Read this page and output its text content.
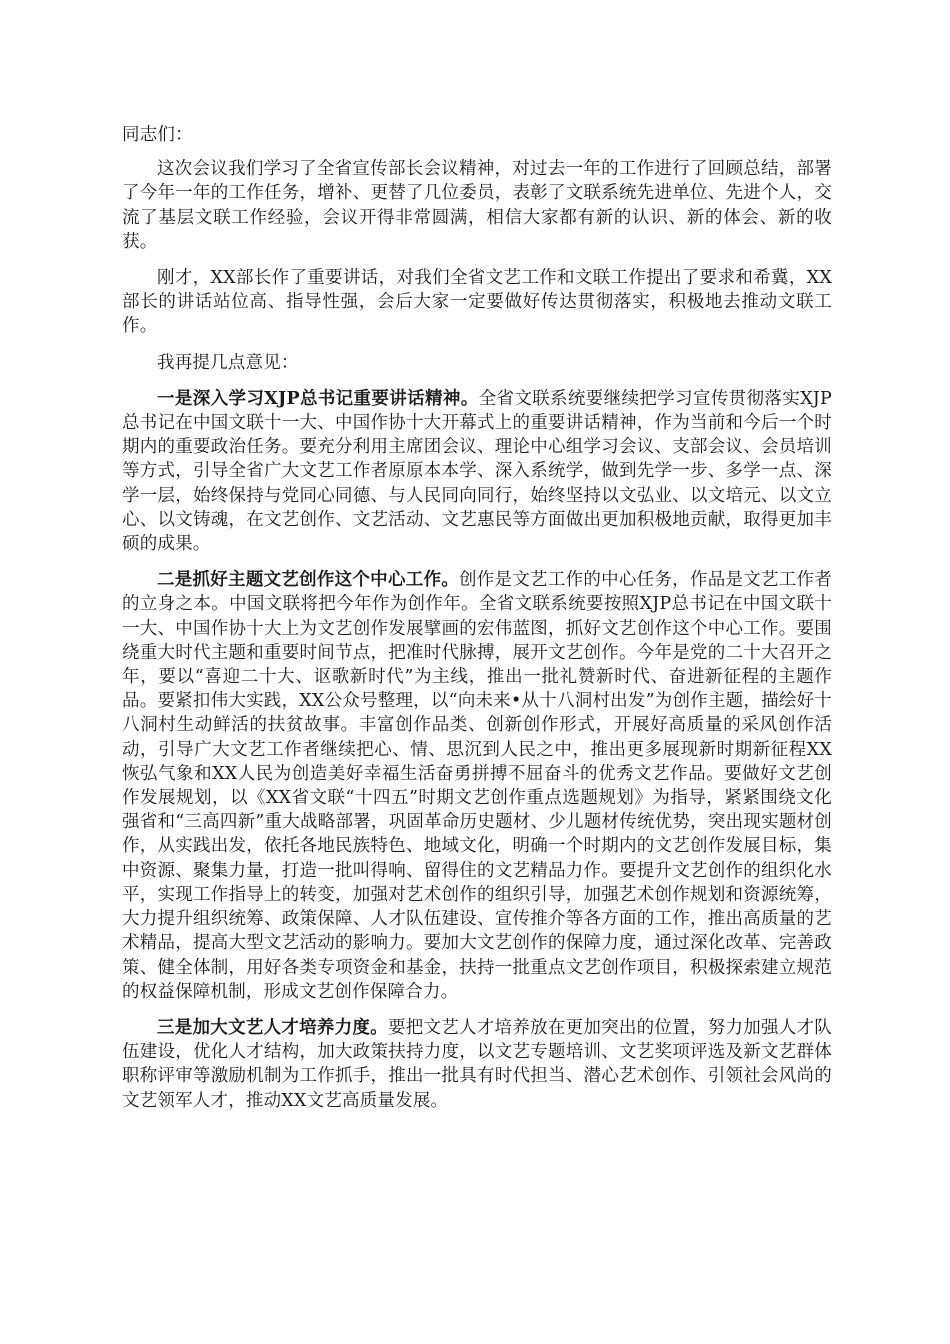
同志们：

这次会议我们学习了全省宣传部长会议精神，对过去一年的工作进行了回顾总结，部署了今年一年的工作任务，增补、更替了几位委员，表彰了文联系统先进单位、先进个人，交流了基层文联工作经验，会议开得非常圆满，相信大家都有新的认识、新的体会、新的收获。

刚才，XX部长作了重要讲话，对我们全省文艺工作和文联工作提出了要求和希冀，XX部长的讲话站位高、指导性强，会后大家一定要做好传达贯彻落实，积极地去推动文联工作。

我再提几点意见：

一是深入学习XJP总书记重要讲话精神。全省文联系统要继续把学习宣传贯彻落实XJP总书记在中国文联十一大、中国作协十大开幕式上的重要讲话精神，作为当前和今后一个时期内的重要政治任务。要充分利用主席团会议、理论中心组学习会议、支部会议、会员培训等方式，引导全省广大文艺工作者原原本本学、深入系统学，做到先学一步、多学一点、深学一层，始终保持与党同心同德、与人民同向同行，始终坚持以文弘业、以文培元、以文立心、以文铸魂，在文艺创作、文艺活动、文艺惠民等方面做出更加积极地贡献，取得更加丰硕的成果。

二是抓好主题文艺创作这个中心工作。创作是文艺工作的中心任务，作品是文艺工作者的立身之本。中国文联将把今年作为创作年。全省文联系统要按照XJP总书记在中国文联十一大、中国作协十大上为文艺创作发展擘画的宏伟蓝图，抓好文艺创作这个中心工作。要围绕重大时代主题和重要时间节点，把准时代脉搏，展开文艺创作。今年是党的二十大召开之年，要以“喜迎二十大、讴歌新时代”为主线，推出一批礼赞新时代、奋进新征程的主题作品。要紧扣伟大实践，XX公众号整理，以“向未来•从十八洞村出发”为创作主题，描绘好十八洞村生动鲜活的扶贫故事。丰富创作品类、创新创作形式，开展好高质量的采风创作活动，引导广大文艺工作者继续把心、情、思沉到人民之中，推出更多展现新时期新征程XX恢弘气象和XX人民为创造美好幸福生活奋勇拼搏不屈奋斗的优秀文艺作品。要做好文艺创作发展规划，以《XX省文联“十四五”时期文艺创作重点选题规划》为指导，紧紧围绕文化强省和“三高四新”重大战略部署，巩固革命历史题材、少儿题材传统优势，突出现实题材创作，从实践出发，依托各地民族特色、地域文化，明确一个时期内的文艺创作发展目标，集中资源、聚集力量，打造一批叫得响、留得住的文艺精品力作。要提升文艺创作的组织化水平，实现工作指导上的转变，加强对艺术创作的组织引导，加强艺术创作规划和资源统筹，大力提升组织统筹、政策保障、人才队伍建设、宣传推介等各方面的工作，推出高质量的艺术精品，提高大型文艺活动的影响力。要加大文艺创作的保障力度，通过深化改革、完善政策、健全体制，用好各类专项资金和基金，扶持一批重点文艺创作项目，积极探索建立规范的权益保障机制，形成文艺创作保障合力。

三是加大文艺人才培养力度。要把文艺人才培养放在更加突出的位置，努力加强人才队伍建设，优化人才结构，加大政策扶持力度，以文艺专题培训、文艺奖项评选及新文艺群体职称评审等激励机制为工作抓手，推出一批具有时代担当、潜心艺术创作、引领社会风尚的文艺领军人才，推动XX文艺高质量发展。
